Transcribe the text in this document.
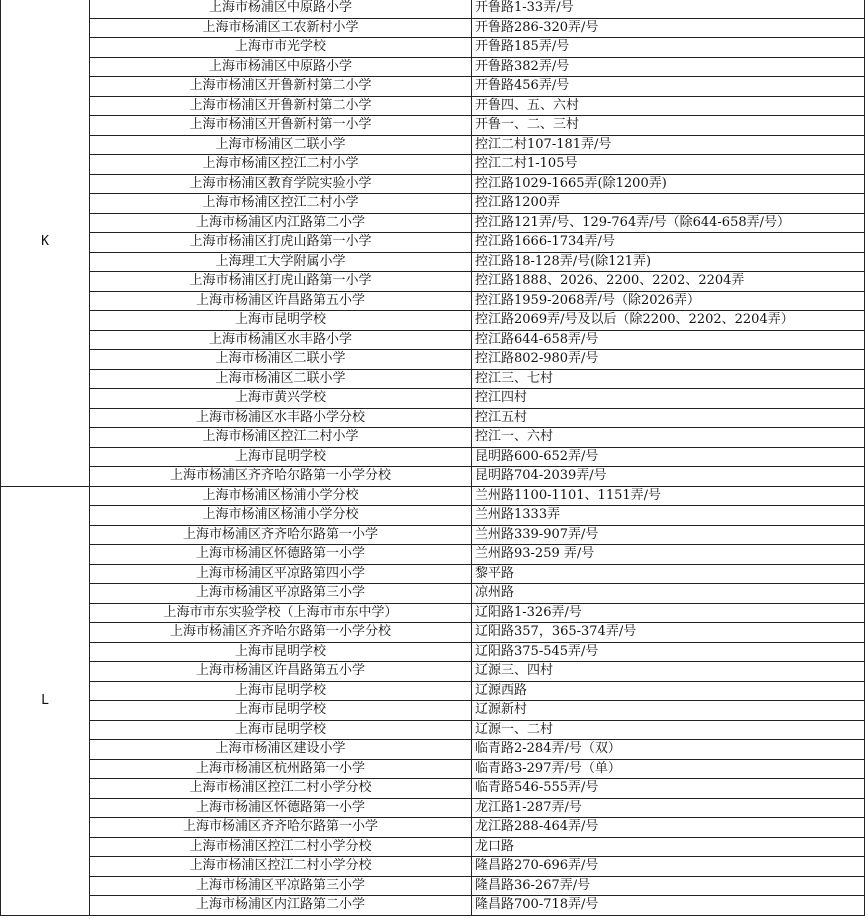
K	上海市杨浦区中原路小学	开鲁路1-33弄/号
	上海市杨浦区工农新村小学	开鲁路286-320弄/号
	上海市市光学校	开鲁路185弄/号
	上海市杨浦区中原路小学	开鲁路382弄/号
	上海市杨浦区开鲁新村第二小学	开鲁路456弄/号
	上海市杨浦区开鲁新村第二小学	开鲁四、五、六村
	上海市杨浦区开鲁新村第一小学	开鲁一、二、三村
	上海市杨浦区二联小学	控江二村107-181弄/号
	上海市杨浦区控江二村小学	控江二村1-105号
	上海市杨浦区教育学院实验小学	控江路1029-1665弄(除1200弄)
	上海市杨浦区控江二村小学	控江路1200弄
	上海市杨浦区内江路第二小学	控江路121弄/号、129-764弄/号（除644-658弄/号）
	上海市杨浦区打虎山路第一小学	控江路1666-1734弄/号
	上海理工大学附属小学	控江路18-128弄/号(除121弄)
	上海市杨浦区打虎山路第一小学	控江路1888、2026、2200、2202、2204弄
	上海市杨浦区许昌路第五小学	控江路1959-2068弄/号（除2026弄）
	上海市昆明学校	控江路2069弄/号及以后（除2200、2202、2204弄）
	上海市杨浦区水丰路小学	控江路644-658弄/号
	上海市杨浦区二联小学	控江路802-980弄/号
	上海市杨浦区二联小学	控江三、七村
	上海市黄兴学校	控江四村
	上海市杨浦区水丰路小学分校	控江五村
	上海市杨浦区控江二村小学	控江一、六村
	上海市昆明学校	昆明路600-652弄/号
	上海市杨浦区齐齐哈尔路第一小学分校	昆明路704-2039弄/号
L	上海市杨浦区杨浦小学分校	兰州路1100-1101、1151弄/号
	上海市杨浦区杨浦小学分校	兰州路1333弄
	上海市杨浦区齐齐哈尔路第一小学	兰州路339-907弄/号
	上海市杨浦区怀德路第一小学	兰州路93-259 弄/号
	上海市杨浦区平凉路第四小学	黎平路
	上海市杨浦区平凉路第三小学	凉州路
	上海市市东实验学校（上海市市东中学）	辽阳路1-326弄/号
	上海市杨浦区齐齐哈尔路第一小学分校	辽阳路357，365-374弄/号
	上海市昆明学校	辽阳路375-545弄/号
	上海市杨浦区许昌路第五小学	辽源三、四村
	上海市昆明学校	辽源西路
	上海市昆明学校	辽源新村
	上海市昆明学校	辽源一、二村
	上海市杨浦区建设小学	临青路2-284弄/号（双）
	上海市杨浦区杭州路第一小学	临青路3-297弄/号（单）
	上海市杨浦区控江二村小学分校	临青路546-555弄/号
	上海市杨浦区怀德路第一小学	龙江路1-287弄/号
	上海市杨浦区齐齐哈尔路第一小学	龙江路288-464弄/号
	上海市杨浦区控江二村小学分校	龙口路
	上海市杨浦区控江二村小学分校	隆昌路270-696弄/号
	上海市杨浦区平凉路第三小学	隆昌路36-267弄/号
	上海市杨浦区内江路第二小学	隆昌路700-718弄/号
